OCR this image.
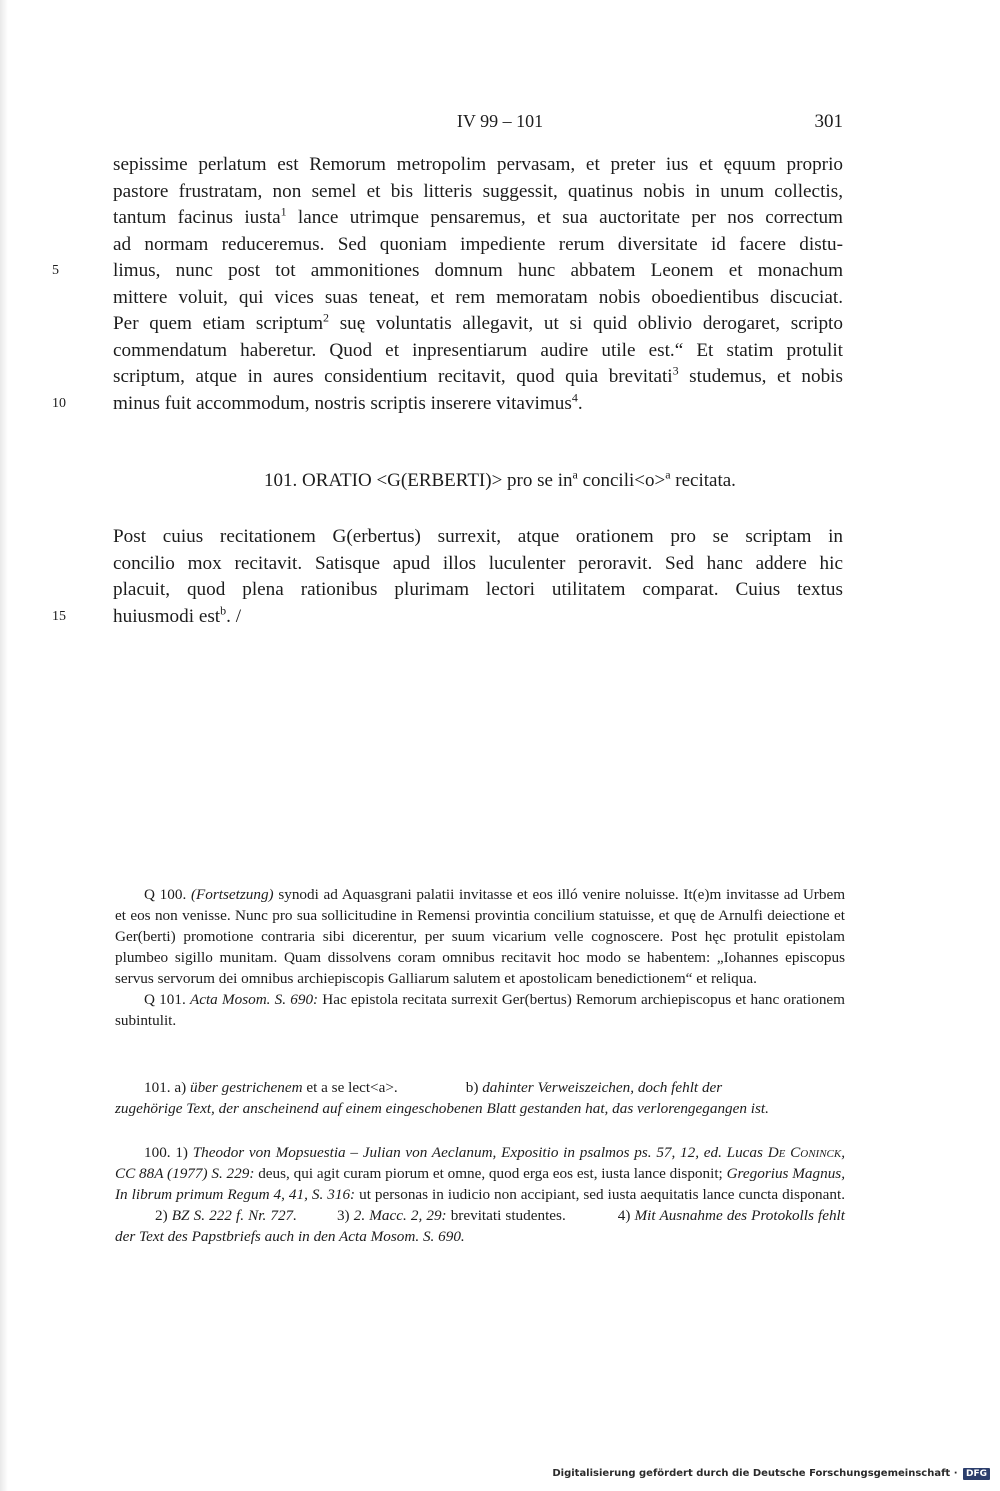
IV 99 – 101	301
sepissime perlatum est Remorum metropolim pervasam, et preter ius et ęquum proprio
pastore frustratam, non semel et bis litteris suggessit, quatinus nobis in unum collectis,
tantum facinus iusta$^1$ lance utrimque pensaremus, et sua auctoritate per nos correctum
ad normam reduceremus. Sed quoniam impediente rerum diversitate id facere distu-
limus, nunc post tot ammonitiones domnum hunc abbatem Leonem et monachum
mittere voluit, qui vices suas teneat, et rem memoratam nobis oboedientibus discuciat.
Per quem etiam scriptum$^2$ suę voluntatis allegavit, ut si quid oblivio derogaret, scripto
commendatum haberetur. Quod et inpresentiarum audire utile est.“ Et statim protulit
scriptum, atque in aures considentium recitavit, quod quia brevitati$^3$ studemus, et nobis
minus fuit accommodum, nostris scriptis inserere vitavimus$^4$.
5
10
15
101. ORATIO <G(ERBERTI)> pro se $in^a$ concili<o>$^a$ recitata.
Post cuius recitationem G(erbertus) surrexit, atque orationem pro se scriptam in
concilio mox recitavit. Satisque apud illos luculenter peroravit. Sed hanc addere hic
placuit, quod plena rationibus plurimam lectori utilitatem comparat. Cuius textus
huiusmodi est$^b$. /

Q 100. (Fortsetzung) synodi ad Aquasgrani palatii invitasse et eos illó venire noluisse. It(e)m invitasse ad Urbem et eos non venisse. Nunc pro sua sollicitudine in Remensi provintia concilium statuisse, et quę de Arnulfi deiectione et Ger(berti) promotione contraria sibi dicerentur, per suum vicarium velle cognoscere. Post hęc protulit epistolam plumbeo sigillo munitam. Quam dissolvens coram omnibus recitavit hoc modo se habentem: „Iohannes episcopus servus servorum dei omnibus archiepiscopis Galliarum salutem et apostolicam benedictionem“ et reliqua.

Q 101. Acta Mosom. S. 690: Hac epistola recitata surrexit Ger(bertus) Remorum archiepiscopus et hanc orationem subintulit.

101. a) über gestrichenem et a se lect<a>.	b) dahinter Verweiszeichen, doch fehlt der

zugehörige Text, der anscheinend auf einem eingeschobenen Blatt gestanden hat, das verlorengegangen ist.

100. 1) Theodor von Mopsuestia – Julian von Aeclanum, Expositio in psalmos ps. 57, 12, ed. Lucas De Coninck, CC 88A (1977) S. 229: deus, qui agit curam piorum et omne, quod erga eos est, iusta lance disponit; Gregorius Magnus, In librum primum Regum 4, 41, S. 316: ut personas in iudicio non accipiant, sed iusta aequitatis lance cuncta disponant.2) BZ S. 222 f. Nr. 727.	3) 2. Macc. 2, 29: brevitati studentes.	4) Mit Ausnahme des Protokolls fehlt der Text des Papstbriefs auch in den Acta Mosom. S. 690.

Digitalisierung gefördert durch die Deutsche Forschungsgemeinschaft · DFG
